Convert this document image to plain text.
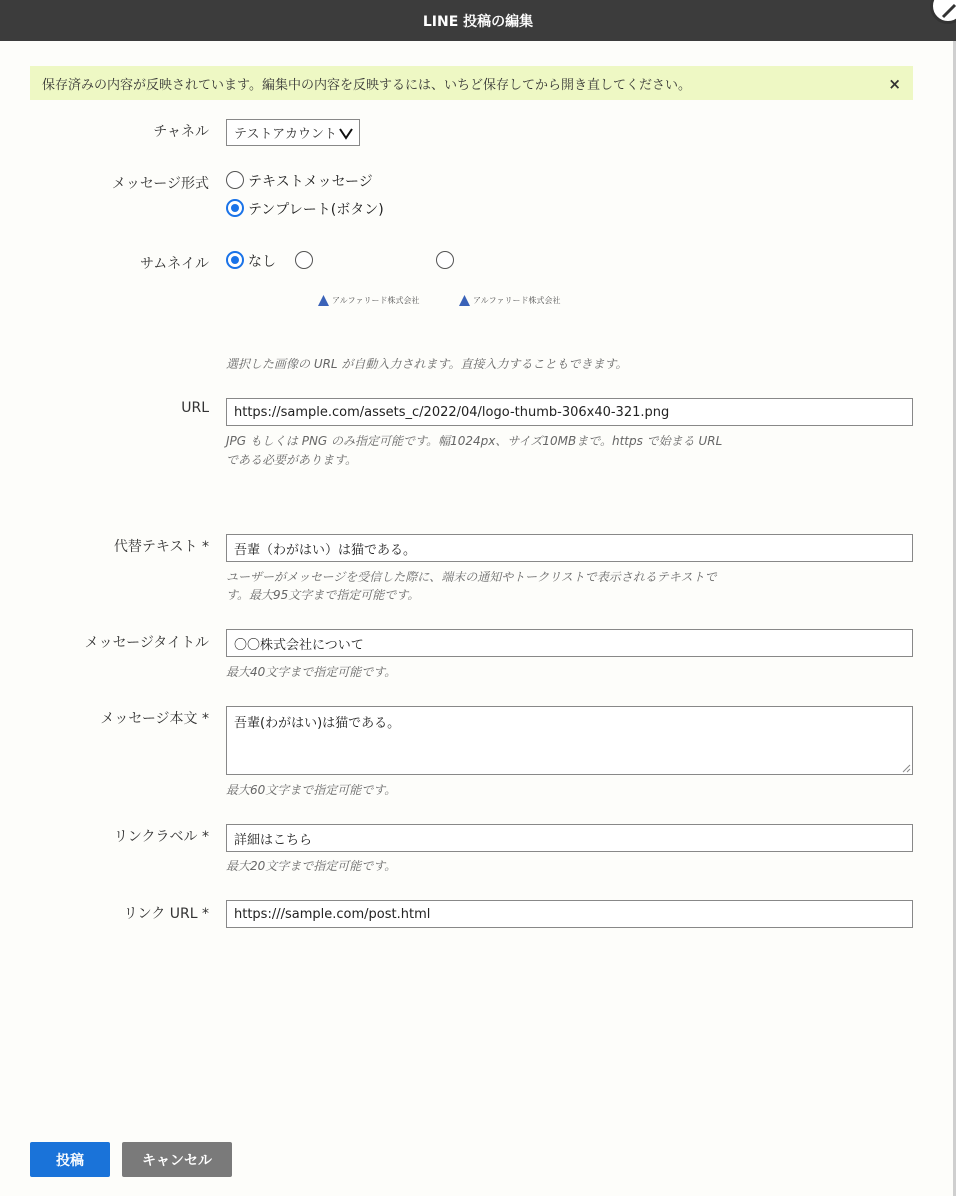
LINE 投稿の編集
保存済みの内容が反映されています。編集中の内容を反映するには、いちど保存してから開き直してください。	×
チャネル テストアカウント
メッセージ形式	テキストメッセージ
テンプレート(ボタン)
サムネイル	なし
アルファリード株式会社	アルファリード株式会社
選択した画像の URL が自動入力されます。直接入力することもできます。
URL	https://sample.com/assets_c/2022/04/logo-thumb-306x40-321.png
JPG もしくは PNG のみ指定可能です。幅1024px、サイズ10MBまで。https で始まる URL
である必要があります。
代替テキスト *	吾輩（わがはい）は猫である。
ユーザーがメッセージを受信した際に、端末の通知やトークリストで表示されるテキストで
す。最大95文字まで指定可能です。
メッセージタイトル	〇〇株式会社について
最大40文字まで指定可能です。
メッセージ本文 *	吾輩(わがはい)は猫である。
最大60文字まで指定可能です。
リンクラベル *	詳細はこちら
最大20文字まで指定可能です。
リンク URL *	https:///sample.com/post.html
投稿	キャンセル
